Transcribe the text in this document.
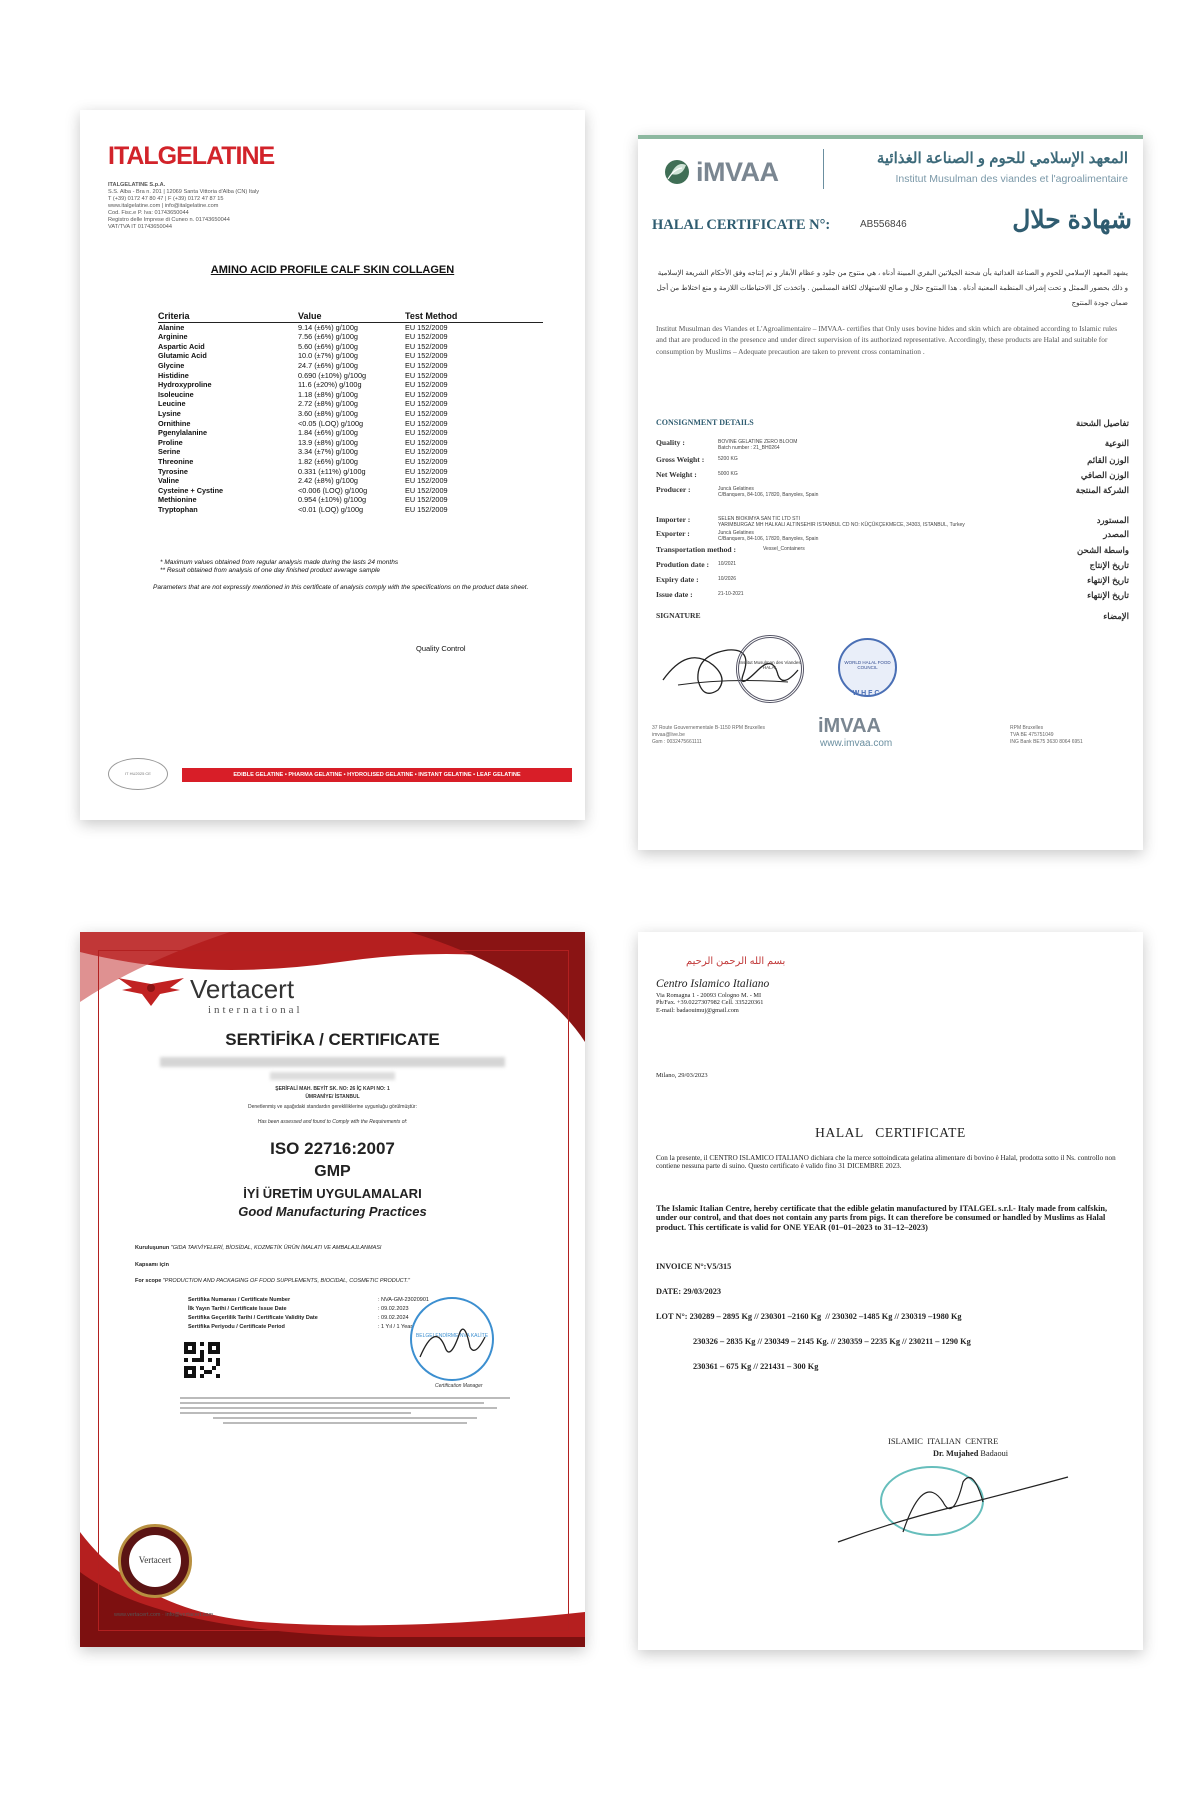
ITALGELATINE
ITALGELATINE S.p.A.
S.S. Alba - Bra n. 201 | 12069 Santa Vittoria d'Alba (CN) Italy
T (+39) 0172 47 80 47 | F (+39) 0172 47 87 15
www.italgelatine.com | info@italgelatine.com
Cod. Fisc.e P. Iva: 01743650044
Registro delle Imprese di Cuneo n. 01743650044
VAT/TVA IT 01743650044
AMINO ACID PROFILE CALF SKIN COLLAGEN
Criteria	Value	Test Method
Alanine	9.14 (±6%) g/100g	EU 152/2009
Arginine	7.56 (±6%) g/100g	EU 152/2009
Aspartic Acid	5.60 (±6%) g/100g	EU 152/2009
Glutamic Acid	10.0 (±7%) g/100g	EU 152/2009
Glycine	24.7 (±6%) g/100g	EU 152/2009
Histidine	0.690 (±10%) g/100g	EU 152/2009
Hydroxyproline	11.6 (±20%) g/100g	EU 152/2009
Isoleucine	1.18 (±8%) g/100g	EU 152/2009
Leucine	2.72 (±8%) g/100g	EU 152/2009
Lysine	3.60 (±8%) g/100g	EU 152/2009
Ornithine	<0.05 (LOQ) g/100g	EU 152/2009
Pgenylalanine	1.84 (±6%) g/100g	EU 152/2009
Proline	13.9 (±8%) g/100g	EU 152/2009
Serine	3.34 (±7%) g/100g	EU 152/2009
Threonine	1.82 (±6%) g/100g	EU 152/2009
Tyrosine	0.331 (±11%) g/100g	EU 152/2009
Valine	2.42 (±8%) g/100g	EU 152/2009
Cysteine + Cystine	<0.006 (LOQ) g/100g	EU 152/2009
Methionine	0.954 (±10%) g/100g	EU 152/2009
Tryptophan	<0.01 (LOQ) g/100g	EU 152/2009
* Maximum values obtained from regular analysis made during the lasts 24 months
** Result obtained from analysis of one day finished product average sample
Parameters that are not expressly mentioned in this certificate of analysis comply with the specifications on the product data sheet.
Quality Control
IT HU2025 CE	EDIBLE GELATINE • PHARMA GELATINE • HYDROLISED GELATINE • INSTANT GELATINE • LEAF GELATINE
iMVAA	المعهد الإسلامي للحوم و الصناعة الغذائية
Institut Musulman des viandes et l'agroalimentaire
HALAL CERTIFICATE N°:	AB556846	شهادة حلال
يشهد المعهد الإسلامي للحوم و الصناعة الغذائية بأن شحنة الجيلاتين البقري المبينة أدناه ، هي منتوج من جلود و عظام الأبقار و تم إنتاجه وفق الأحكام الشريعة الإسلامية و ذلك بحضور الممثل و تحت إشراف المنظمة المعنية أدناه . هذا المنتوج حلال و صالح للاستهلاك لكافة المسلمين . واتخذت كل الاحتياطات اللازمة و منع اختلاط من أجل ضمان جودة المنتوج
Institut Musulman des Viandes et L'Agroalimentaire – IMVAA- certifies that Only uses bovine hides and skin which are obtained according to Islamic rules and that are produced in the presence and under direct supervision of its authorized representative. Accordingly, these products are Halal and suitable for consumption by Muslims – Adequate precaution are taken to prevent cross contamination .
CONSIGNMENT DETAILS	تفاصيل الشحنة
SIGNATURE	الإمضاء
Institut Musulman des Viandes HALAL
WORLD HALAL FOOD COUNCIL
W H F C
iMVAA
www.imvaa.com
37 Route Gouvernementale B-1150 RPM Bruxelles
imvaa@live.be
Gsm : 0032475661111
RPM Bruxelles
TVA BE 475751049
ING Bank BE75 3630 8064 6951
Quality :	BOVINE GELATINE ZERO BLOOM
Batch number : 21_BH0264	النوعية
Gross Weight :	5200 KG	الوزن القائم
Net Weight :	5000 KG	الوزن الصافي
Producer :	Juncà Gelatines
C/Banquers, 84-106, 17820, Banyoles, Spain	الشركة المنتجة
Importer :	SELEN BIOKIMYA SAN TIC LTD STI
YARIMBURGAZ MH HALKALI ALTINSEHIR ISTANBUL CD NO: KÜÇÜKÇEKMECE, 34303, ISTANBUL, Turkey	المستورد
Exporter :	Juncà Gelatines
C/Banquers, 84-106, 17820, Banyoles, Spain	المصدر
Transportation method :	Vessel_Containers	واسطة الشحن
Prodution date : 10/2021	تاريخ الإنتاج
Expiry date :	10/2026	تاريخ الإنتهاء
Issue date :	21-10-2021	تاريخ الإنتهاء
Vertacert
international
SERTİFİKA / CERTIFICATE
ŞERİFALİ MAH. BEYİT SK. NO: 26 İÇ KAPI NO: 1
ÜMRANİYE/ İSTANBUL
Denetlenmiş ve aşağıdaki standardın gerekliliklerine uygunluğu görülmüştür:
Has been assessed and found to Comply with the Requirements of:
ISO 22716:2007
GMP
İYİ ÜRETİM UYGULAMALARI
Good Manufacturing Practices
Kuruluşunun "GIDA TAKVİYELERİ, BİOSİDAL, KOZMETİK ÜRÜN İMALATI VE AMBALAJLANMASI
Kapsamı için
For scope "PRODUCTION AND PACKAGING OF FOOD SUPPLEMENTS, BIOCIDAL, COSMETIC PRODUCT."
BELGELENDİRME NVA KALİTE
Certification Manager
Vertacert
www.vertacert.com · info@vertacert.com
Sertifika Numarası / Certificate Number	: NVA-GM-23020901
İlk Yayın Tarihi / Certificate Issue Date	: 09.02.2023
Sertifika Geçerlilik Tarihi / Certificate Validity Date	: 09.02.2024
Sertifika Periyodu / Certificate Period	: 1 Yıl / 1 Year
بسم الله الرحمن الرحيم
Centro Islamico Italiano
Via Romagna 1 - 20093 Cologno M. - MI
Ph/Fax. +39.0227307982 Cell. 335220361
E-mail: badaouimuj@gmail.com
Milano, 29/03/2023
HALAL   CERTIFICATE
Con la presente, il CENTRO ISLAMICO ITALIANO dichiara che la merce sottoindicata gelatina alimentare di bovino è Halal, prodotta sotto il Ns. controllo non contiene nessuna parte di suino. Questo certificato è valido fino 31 DICEMBRE 2023.
The Islamic Italian Centre, hereby certificate that the edible gelatin manufactured by ITALGEL s.r.l.- Italy made from calfskin, under our control, and that does not contain any parts from pigs. It can therefore be consumed or handled by Muslims as Halal product. This certificate is valid for ONE YEAR (01–01–2023 to 31–12–2023)
INVOICE N°:V5/315
DATE: 29/03/2023
LOT N°: 230289 – 2895 Kg // 230301 –2160 Kg  // 230302 –1485 Kg // 230319 –1980 Kg
230326 – 2835 Kg // 230349 – 2145 Kg. // 230359 – 2235 Kg // 230211 – 1290 Kg
230361 – 675 Kg // 221431 – 300 Kg
ISLAMIC  ITALIAN  CENTRE
Dr. Mujahed Badaoui
